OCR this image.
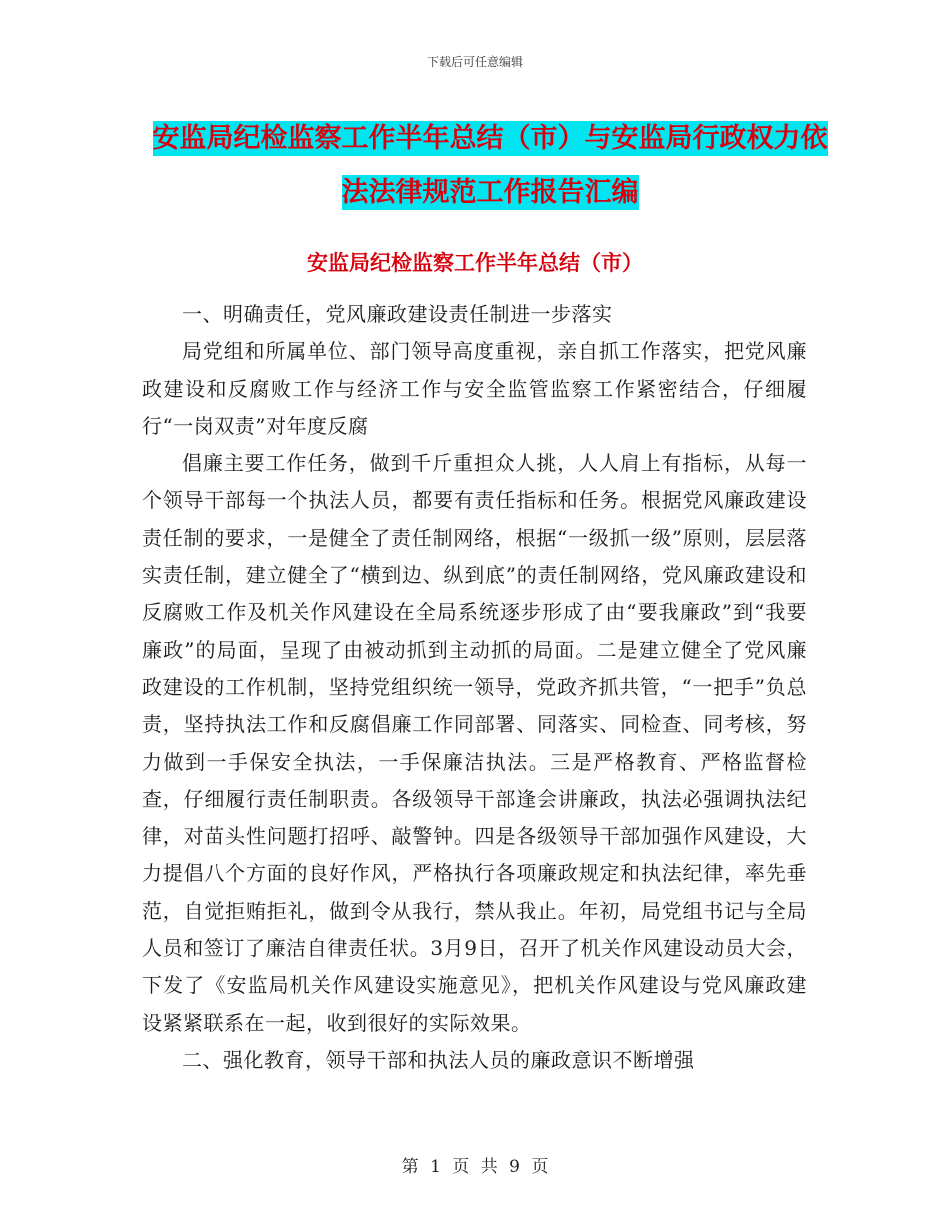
下载后可任意编辑
安监局纪检监察工作半年总结（市）与安监局行政权力依法法律规范工作报告汇编
安监局纪检监察工作半年总结（市）

一、明确责任，党风廉政建设责任制进一步落实

局党组和所属单位、部门领导高度重视，亲自抓工作落实，把党风廉政建设和反腐败工作与经济工作与安全监管监察工作紧密结合，仔细履行“一岗双责”对年度反腐

倡廉主要工作任务，做到千斤重担众人挑，人人肩上有指标，从每一个领导干部每一个执法人员，都要有责任指标和任务。根据党风廉政建设责任制的要求，一是健全了责任制网络，根据“一级抓一级”原则，层层落实责任制，建立健全了“横到边、纵到底”的责任制网络，党风廉政建设和反腐败工作及机关作风建设在全局系统逐步形成了由“要我廉政”到“我要廉政”的局面，呈现了由被动抓到主动抓的局面。二是建立健全了党风廉政建设的工作机制，坚持党组织统一领导，党政齐抓共管，“一把手”负总责，坚持执法工作和反腐倡廉工作同部署、同落实、同检查、同考核，努力做到一手保安全执法，一手保廉洁执法。三是严格教育、严格监督检查，仔细履行责任制职责。各级领导干部逢会讲廉政，执法必强调执法纪律，对苗头性问题打招呼、敲警钟。四是各级领导干部加强作风建设，大力提倡八个方面的良好作风，严格执行各项廉政规定和执法纪律，率先垂范，自觉拒贿拒礼，做到令从我行，禁从我止。年初，局党组书记与全局人员和签订了廉洁自律责任状。3月9日，召开了机关作风建设动员大会，下发了《安监局机关作风建设实施意见》，把机关作风建设与党风廉政建设紧紧联系在一起，收到很好的实际效果。

二、强化教育，领导干部和执法人员的廉政意识不断增强

第 1 页 共 9 页
